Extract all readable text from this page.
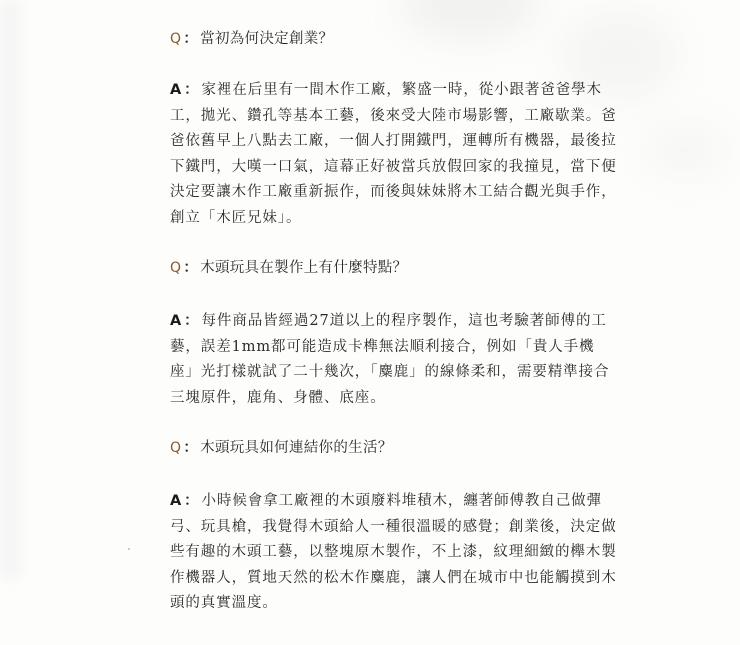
Q ： 當初為何決定創業？

A ： 家裡在后里有一間木作工廠，繁盛一時，從小跟著爸爸學木
工，拋光、鑽孔等基本工藝，後來受大陸市場影響，工廠歇業。爸
爸依舊早上八點去工廠，一個人打開鐵門，運轉所有機器，最後拉
下鐵門，大嘆一口氣，這幕正好被當兵放假回家的我撞見，當下便
決定要讓木作工廠重新振作，而後與妹妹將木工結合觀光與手作，
創立「木匠兄妹」。

Q ： 木頭玩具在製作上有什麼特點？

A ： 每件商品皆經過27道以上的程序製作，這也考驗著師傅的工
藝，誤差1mm都可能造成卡榫無法順利接合，例如「貴人手機
座」光打樣就試了二十幾次，「麋鹿」的線條柔和，需要精準接合
三塊原件，鹿角、身體、底座。

Q ： 木頭玩具如何連結你的生活？

A ： 小時候會拿工廠裡的木頭廢料堆積木，纏著師傅教自己做彈
弓、玩具槍，我覺得木頭給人一種很溫暖的感覺；創業後，決定做
些有趣的木頭工藝，以整塊原木製作，不上漆，紋理細緻的櫸木製
作機器人，質地天然的松木作麋鹿，讓人們在城市中也能觸摸到木
頭的真實溫度。
